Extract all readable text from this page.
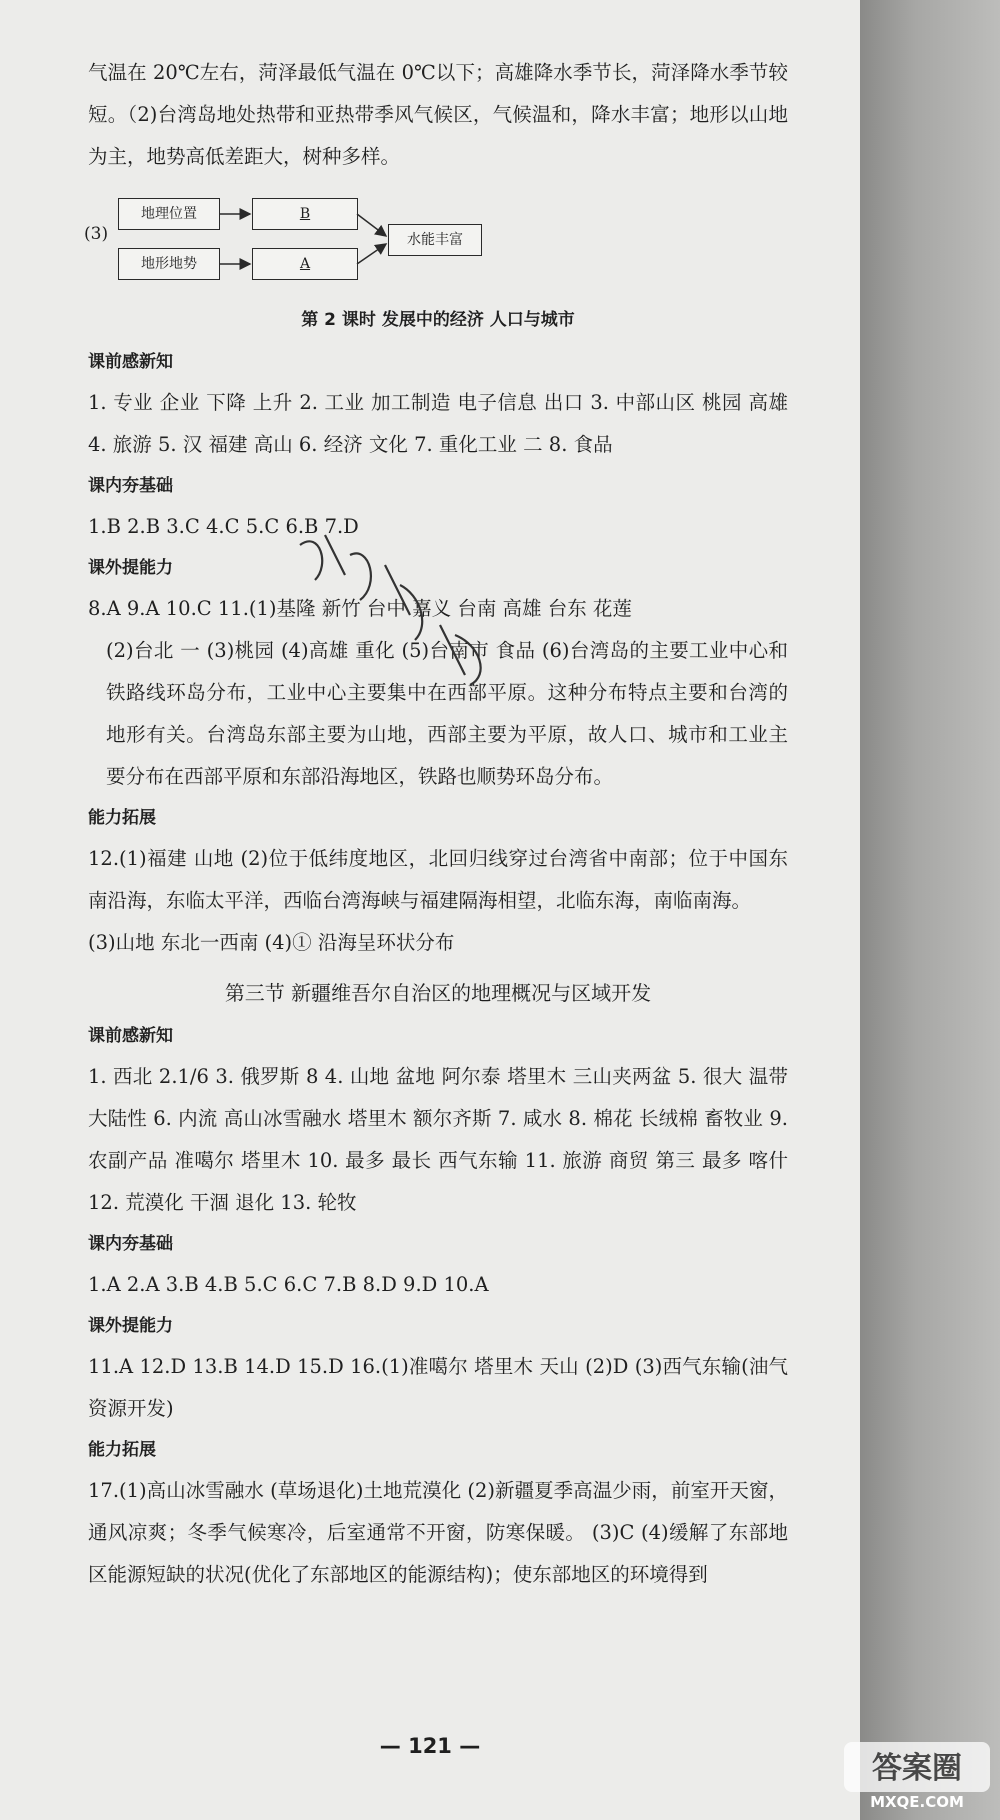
气温在 20℃左右，菏泽最低气温在 0℃以下；高雄降水季节长，菏泽降水季节较短。（2)台湾岛地处热带和亚热带季风气候区，气候温和，降水丰富；地形以山地为主，地势高低差距大，树种多样。

(3)
地理位置
地形地势
B
A
水能丰富

第 2 课时 发展中的经济 人口与城市

课前感新知

1. 专业 企业 下降 上升 2. 工业 加工制造 电子信息 出口 3. 中部山区 桃园 高雄 4. 旅游 5. 汉 福建 高山 6. 经济 文化 7. 重化工业 二 8. 食品

课内夯基础

1.B 2.B 3.C 4.C 5.C 6.B 7.D

课外提能力

8.A 9.A 10.C 11.(1)基隆 新竹 台中 嘉义 台南 高雄 台东 花莲

(2)台北 一 (3)桃园 (4)高雄 重化 (5)台南市 食品 (6)台湾岛的主要工业中心和铁路线环岛分布，工业中心主要集中在西部平原。这种分布特点主要和台湾的地形有关。台湾岛东部主要为山地，西部主要为平原，故人口、城市和工业主要分布在西部平原和东部沿海地区，铁路也顺势环岛分布。

能力拓展

12.(1)福建 山地 (2)位于低纬度地区，北回归线穿过台湾省中南部；位于中国东南沿海，东临太平洋，西临台湾海峡与福建隔海相望，北临东海，南临南海。

(3)山地 东北一西南 (4)① 沿海呈环状分布

第三节 新疆维吾尔自治区的地理概况与区域开发

课前感新知

1. 西北 2.1/6 3. 俄罗斯 8 4. 山地 盆地 阿尔泰 塔里木 三山夹两盆 5. 很大 温带大陆性 6. 内流 高山冰雪融水 塔里木 额尔齐斯 7. 咸水 8. 棉花 长绒棉 畜牧业 9. 农副产品 准噶尔 塔里木 10. 最多 最长 西气东输 11. 旅游 商贸 第三 最多 喀什 12. 荒漠化 干涸 退化 13. 轮牧

课内夯基础

1.A 2.A 3.B 4.B 5.C 6.C 7.B 8.D 9.D 10.A

课外提能力

11.A 12.D 13.B 14.D 15.D 16.(1)准噶尔 塔里木 天山 (2)D (3)西气东输(油气资源开发)

能力拓展

17.(1)高山冰雪融水 (草场退化)土地荒漠化 (2)新疆夏季高温少雨，前室开天窗，通风凉爽；冬季气候寒冷，后室通常不开窗，防寒保暖。 (3)C (4)缓解了东部地区能源短缺的状况(优化了东部地区的能源结构)；使东部地区的环境得到

— 121 —
答案圈
MXQE.COM
